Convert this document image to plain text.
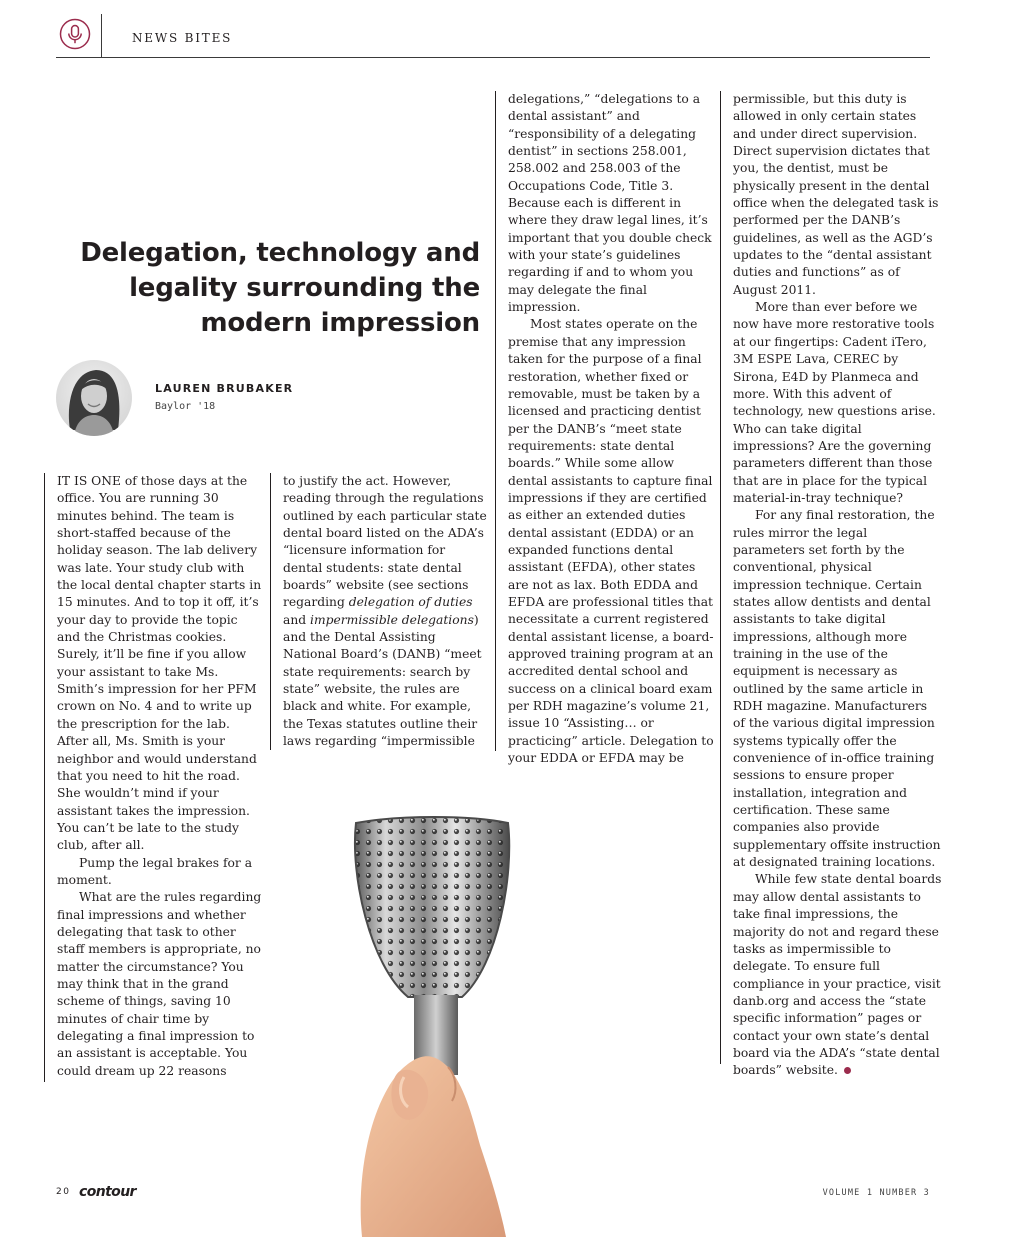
NEWS BITES
Delegation, technology and legality surrounding the modern impression
LAUREN BRUBAKER
Baylor '18

IT IS ONE of those days at the office. You are running 30 minutes behind. The team is short-staffed because of the holiday season. The lab delivery was late. Your study club with the local dental chapter starts in 15 minutes. And to top it off, it’s your day to provide the topic and the Christmas cookies. Surely, it’ll be fine if you allow your assistant to take Ms. Smith’s impression for her PFM crown on No. 4 and to write up the prescription for the lab. After all, Ms. Smith is your neighbor and would understand that you need to hit the road. She wouldn’t mind if your assistant takes the impression. You can’t be late to the study club, after all.

Pump the legal brakes for a moment.

What are the rules regarding final impressions and whether delegating that task to other staff members is appropriate, no matter the circumstance? You may think that in the grand scheme of things, saving 10 minutes of chair time by delegating a final impression to an assistant is acceptable. You could dream up 22 reasons

to justify the act. However, reading through the regulations outlined by each particular state dental board listed on the ADA’s “licensure information for dental students: state dental boards” website (see sections regarding delegation of duties and impermissible delegations) and the Dental Assisting National Board’s (DANB) “meet state requirements: search by state” website, the rules are black and white. For example, the Texas statutes outline their laws regarding “impermissible

delegations,” “delegations to a dental assistant” and “responsibility of a delegating dentist” in sections 258.001, 258.002 and 258.003 of the Occupations Code, Title 3. Because each is different in where they draw legal lines, it’s important that you double check with your state’s guidelines regarding if and to whom you may delegate the final impression.

Most states operate on the premise that any impression taken for the purpose of a final restoration, whether fixed or removable, must be taken by a licensed and practicing dentist per the DANB’s “meet state requirements: state dental boards.” While some allow dental assistants to capture final impressions if they are certified as either an extended duties dental assistant (EDDA) or an expanded functions dental assistant (EFDA), other states are not as lax. Both EDDA and EFDA are professional titles that necessitate a current registered dental assistant license, a board-approved training program at an accredited dental school and success on a clinical board exam per RDH magazine’s volume 21, issue 10 “Assisting… or practicing” article. Delegation to your EDDA or EFDA may be

permissible, but this duty is allowed in only certain states and under direct supervision. Direct supervision dictates that you, the dentist, must be physically present in the dental office when the delegated task is performed per the DANB’s guidelines, as well as the AGD’s updates to the “dental assistant duties and functions” as of August 2011.

More than ever before we now have more restorative tools at our fingertips: Cadent iTero, 3M ESPE Lava, CEREC by Sirona, E4D by Planmeca and more. With this advent of technology, new questions arise. Who can take digital impressions? Are the governing parameters different than those that are in place for the typical material-in-tray technique?

For any final restoration, the rules mirror the legal parameters set forth by the conventional, physical impression technique. Certain states allow dentists and dental assistants to take digital impressions, although more training in the use of the equipment is necessary as outlined by the same article in RDH magazine. Manufacturers of the various digital impression systems typically offer the convenience of in-office training sessions to ensure proper installation, integration and certification. These same companies also provide supplementary offsite instruction at designated training locations.

While few state dental boards may allow dental assistants to take final impressions, the majority do not and regard these tasks as impermissible to delegate. To ensure full compliance in your practice, visit danb.org and access the “state specific information” pages or contact your own state’s dental board via the ADA’s “state dental boards” website.

20 contour	VOLUME 1 NUMBER 3
